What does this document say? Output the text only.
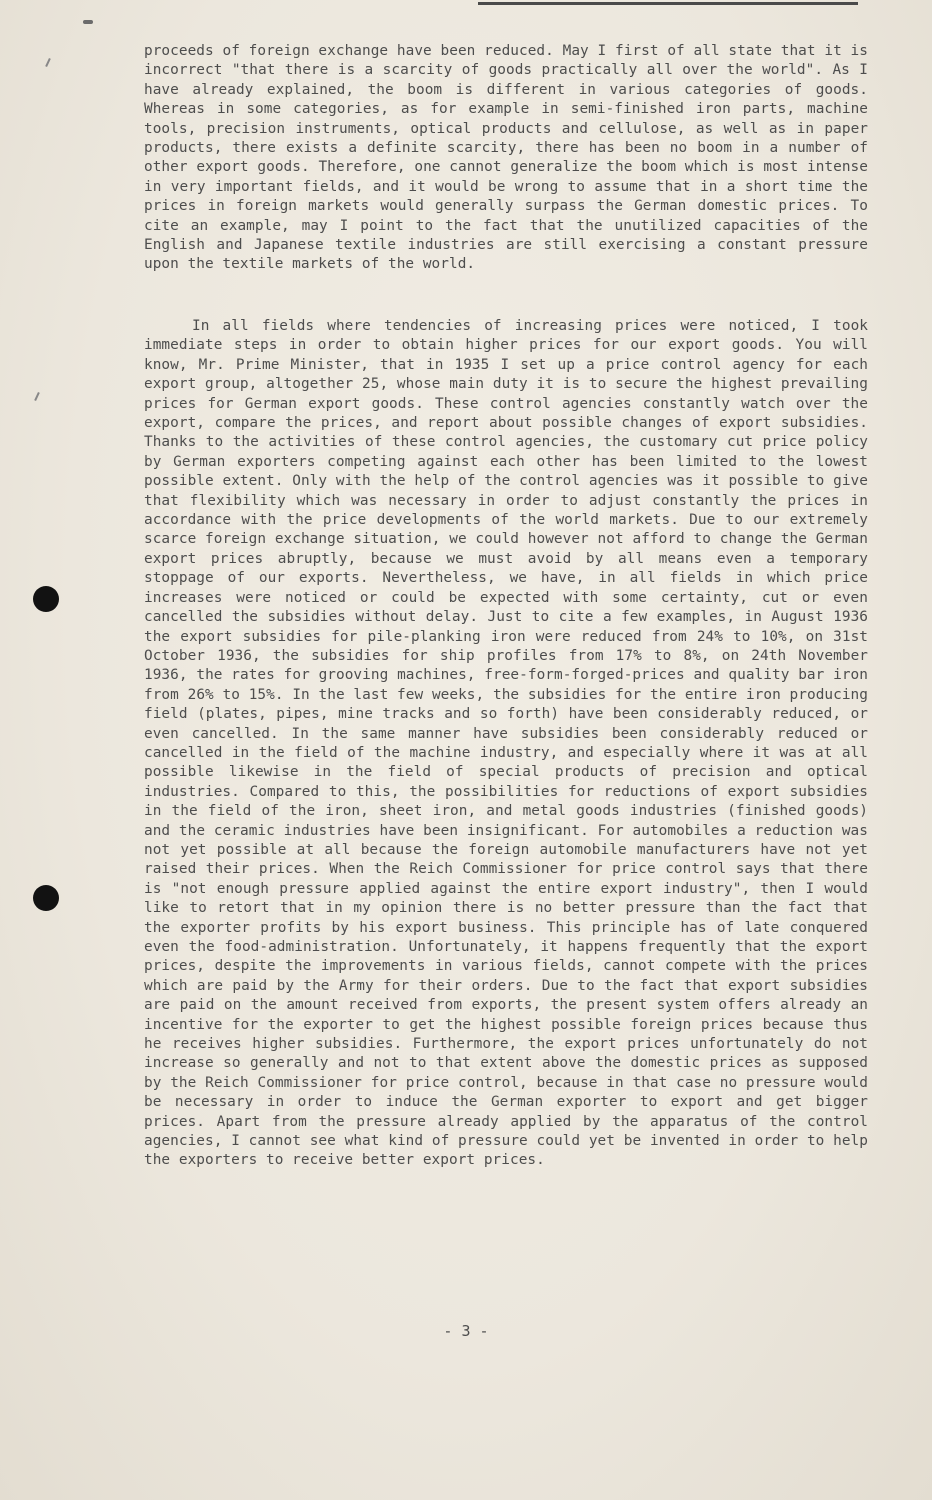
proceeds of foreign exchange have been reduced. May I first of all state that it is incorrect "that there is a scarcity of goods practically all over the world". As I have already explained, the boom is different in various categories of goods. Whereas in some categories, as for example in semi-finished iron parts, machine tools, precision instruments, optical products and cellulose, as well as in paper products, there exists a definite scarcity, there has been no boom in a number of other export goods. Therefore, one cannot generalize the boom which is most intense in very important fields, and it would be wrong to assume that in a short time the prices in foreign markets would generally surpass the German domestic prices. To cite an example, may I point to the fact that the unutilized capacities of the English and Japanese textile industries are still exercising a constant pressure upon the textile markets of the world.

In all fields where tendencies of increasing prices were noticed, I took immediate steps in order to obtain higher prices for our export goods. You will know, Mr. Prime Minister, that in 1935 I set up a price control agency for each export group, altogether 25, whose main duty it is to secure the highest prevailing prices for German export goods. These control agencies constantly watch over the export, compare the prices, and report about possible changes of export subsidies. Thanks to the activities of these control agencies, the customary cut price policy by German exporters competing against each other has been limited to the lowest possible extent. Only with the help of the control agencies was it possible to give that flexibility which was necessary in order to adjust constantly the prices in accordance with the price developments of the world markets. Due to our extremely scarce foreign exchange situation, we could however not afford to change the German export prices abruptly, because we must avoid by all means even a temporary stoppage of our exports. Nevertheless, we have, in all fields in which price increases were noticed or could be expected with some certainty, cut or even cancelled the subsidies without delay. Just to cite a few examples, in August 1936 the export subsidies for pile-planking iron were reduced from 24% to 10%, on 31st October 1936, the subsidies for ship profiles from 17% to 8%, on 24th November 1936, the rates for grooving machines, free-form-forged-prices and quality bar iron from 26% to 15%. In the last few weeks, the subsidies for the entire iron producing field (plates, pipes, mine tracks and so forth) have been considerably reduced, or even cancelled. In the same manner have subsidies been considerably reduced or cancelled in the field of the machine industry, and especially where it was at all possible likewise in the field of special products of precision and optical industries. Compared to this, the possibilities for reductions of export subsidies in the field of the iron, sheet iron, and metal goods industries (finished goods) and the ceramic industries have been insignificant. For automobiles a reduction was not yet possible at all because the foreign automobile manufacturers have not yet raised their prices. When the Reich Commissioner for price control says that there is "not enough pressure applied against the entire export industry", then I would like to retort that in my opinion there is no better pressure than the fact that the exporter profits by his export business. This principle has of late conquered even the food-administration. Unfortunately, it happens frequently that the export prices, despite the improvements in various fields, cannot compete with the prices which are paid by the Army for their orders. Due to the fact that export subsidies are paid on the amount received from exports, the present system offers already an incentive for the exporter to get the highest possible foreign prices because thus he receives higher subsidies. Furthermore, the export prices unfortunately do not increase so generally and not to that extent above the domestic prices as supposed by the Reich Commissioner for price control, because in that case no pressure would be necessary in order to induce the German exporter to export and get bigger prices. Apart from the pressure already applied by the apparatus of the control agencies, I cannot see what kind of pressure could yet be invented in order to help the exporters to receive better export prices.

- 3 -
